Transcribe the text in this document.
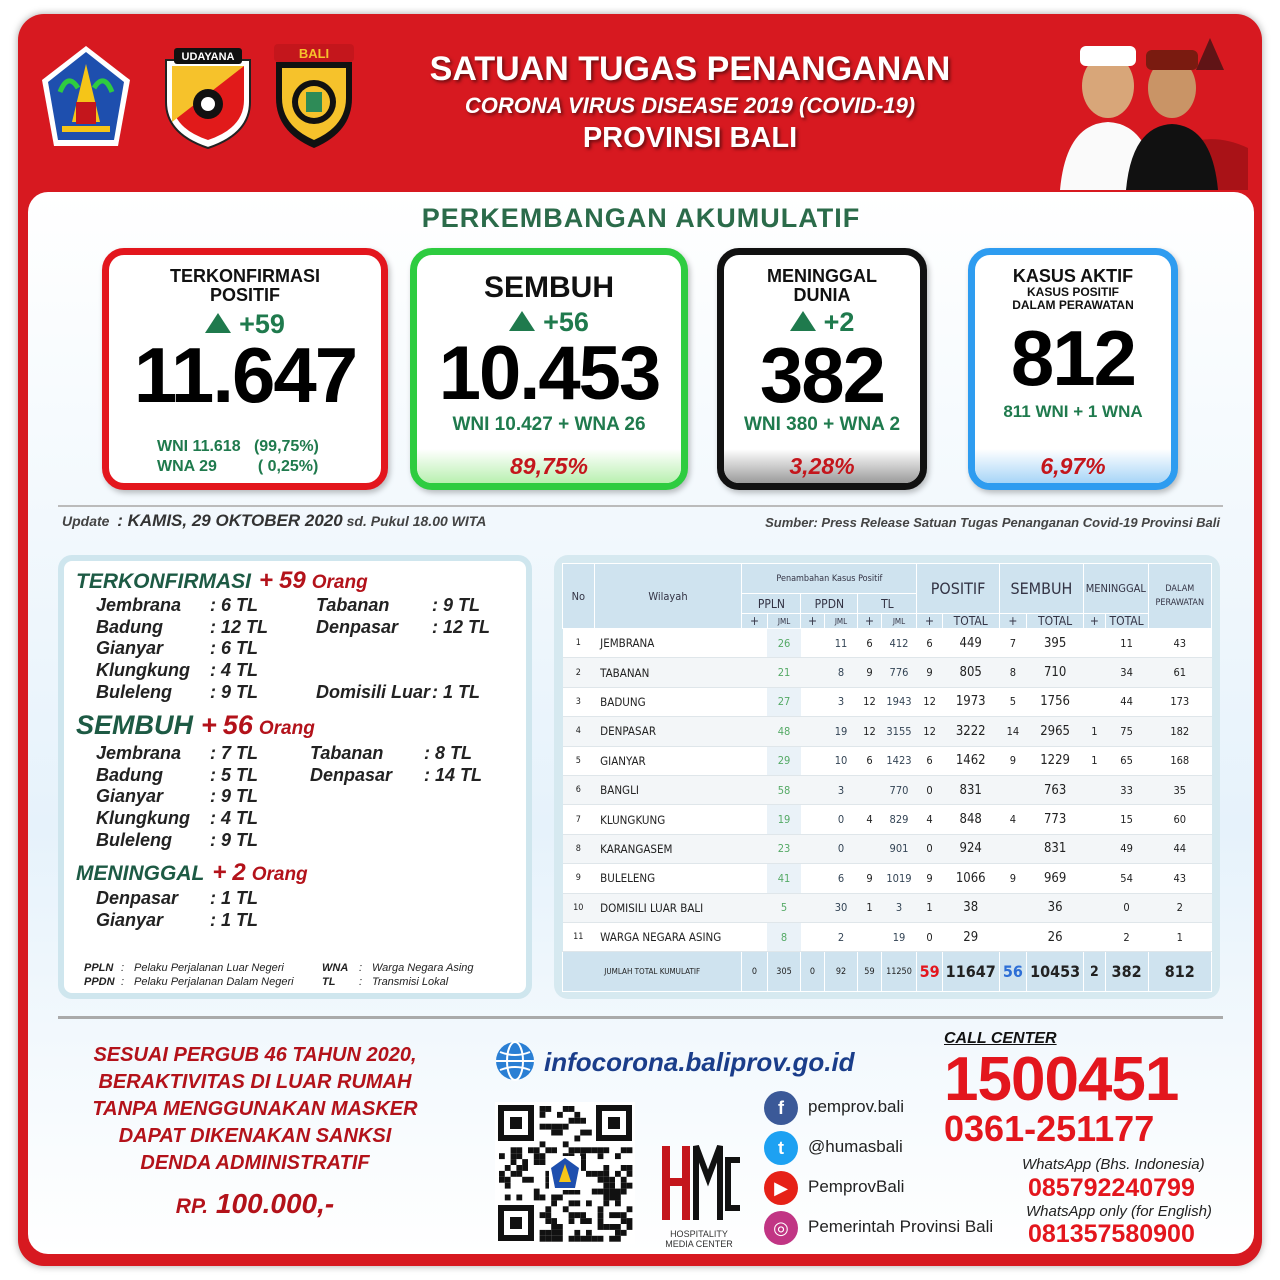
UDAYANA	BALI	SATUAN TUGAS PENANGANAN
CORONA VIRUS DISEASE 2019 (COVID-19)
PROVINSI BALI
PERKEMBANGAN AKUMULATIF
TERKONFIRMASI
POSITIF
+59
11.647
WNI 11.618 (99,75%)
WNA 29	( 0,25%)
SEMBUH
+56
10.453
WNI 10.427 + WNA 26
89,75%
MENINGGAL
DUNIA
+2
382
WNI 380 + WNA 2
3,28%
KASUS AKTIF
KASUS POSITIF
DALAM PERAWATAN
812
811 WNI + 1 WNA
6,97%
Update : KAMIS, 29 OKTOBER 2020 sd. Pukul 18.00 WITA	Sumber: Press Release Satuan Tugas Penanganan Covid-19 Provinsi Bali
TERKONFIRMASI + 59 Orang
Jembrana : 6 TL
Badung	: 12 TL
Gianyar	: 6 TL
Klungkung : 4 TL
Buleleng : 9 TL
Tabanan : 9 TL
Denpasar : 12 TL
Domisili Luar : 1 TL
SEMBUH + 56 Orang
Jembrana : 7 TL
Badung	: 5 TL
Gianyar	: 9 TL
Klungkung : 4 TL
Buleleng : 9 TL
Tabanan : 8 TL
Denpasar : 14 TL
MENINGGAL + 2 Orang
Denpasar : 1 TL
Gianyar	: 1 TL
PPLN : Pelaku Perjalanan Luar Negeri
PPDN : Pelaku Perjalanan Dalam Negeri
WNA : Warga Negara Asing
TL : Transmisi Lokal
No	Wilayah	Penambahan Kasus Positif						POSITIF		SEMBUH		MENINGGAL		DALAM
PERAWATAN

		PPLN		PPDN		TL								
		+	JML	+	JML	+	JML	+	TOTAL	+	TOTAL	+	TOTAL	
1	JEMBRANA		26		11	6	412	6	449	7	395		11	43
2	TABANAN		21		8	9	776	9	805	8	710		34	61
3	BADUNG		27		3	12	1943	12	1973	5	1756		44	173
4	DENPASAR		48		19	12	3155	12	3222	14	2965	1	75	182
5	GIANYAR		29		10	6	1423	6	1462	9	1229	1	65	168
6	BANGLI		58		3		770	0	831		763		33	35
7	KLUNGKUNG		19		0	4	829	4	848	4	773		15	60
8	KARANGASEM		23		0		901	0	924		831		49	44
9	BULELENG		41		6	9	1019	9	1066	9	969		54	43
10	DOMISILI LUAR BALI		5		30	1	3	1	38		36		0	2
11	WARGA NEGARA ASING		8		2		19	0	29		26		2	1
JUMLAH TOTAL KUMULATIF		0	305	0	92	59	11250	59	11647	56	10453	2	382	812
SESUAI PERGUB 46 TAHUN 2020,
BERAKTIVITAS DI LUAR RUMAH
TANPA MENGGUNAKAN MASKER
DAPAT DIKENAKAN SANKSI
DENDA ADMINISTRATIF
RP. 100.000,-
infocorona.baliprov.go.id
HOSPITALITY
MEDIA CENTER
f pemprov.bali
t @humasbali
▶ PemprovBali
◎ Pemerintah Provinsi Bali
CALL CENTER
1500451
0361-251177
WhatsApp (Bhs. Indonesia)
085792240799
WhatsApp only (for English)
081357580900
